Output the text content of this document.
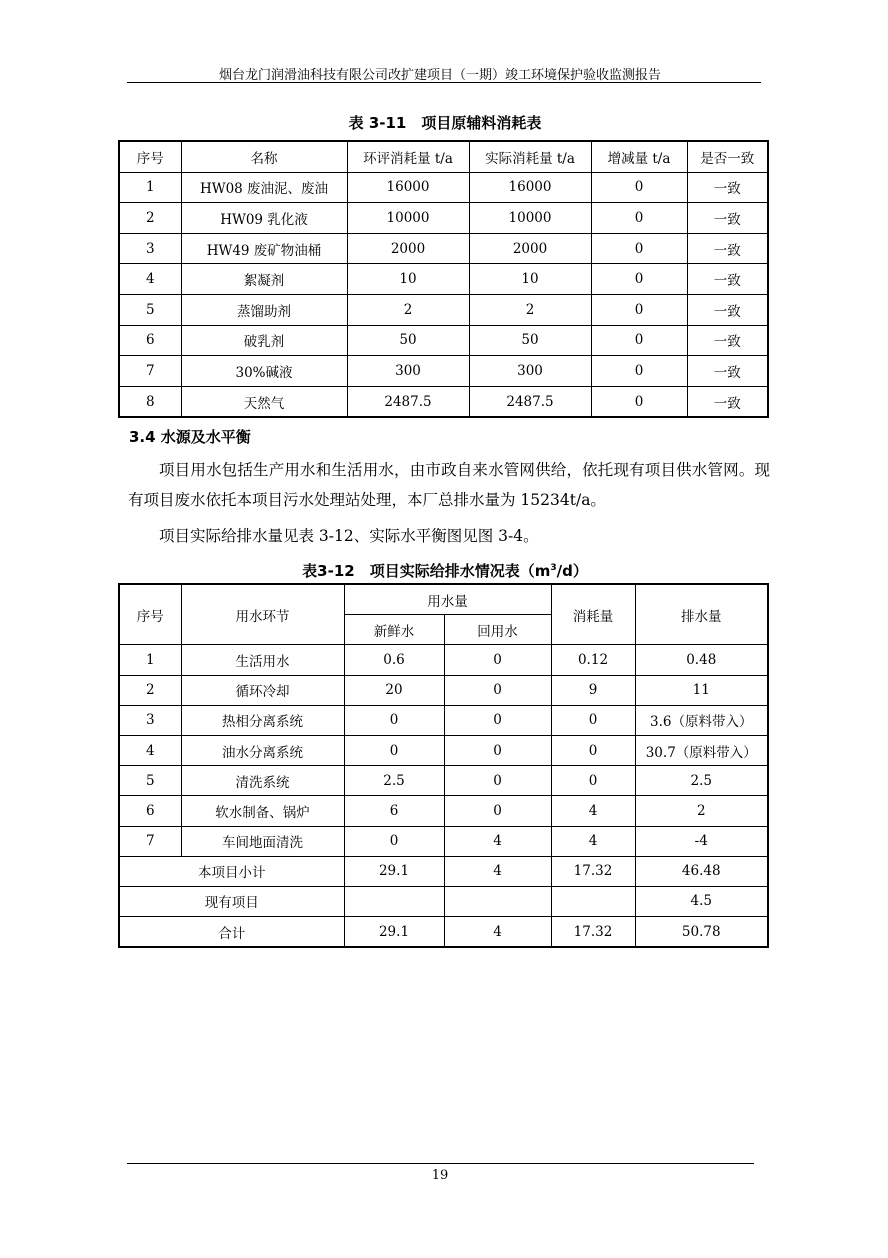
烟台龙门润滑油科技有限公司改扩建项目（一期）竣工环境保护验收监测报告
表 3-11　项目原辅料消耗表
序号	名称	环评消耗量 t/a	实际消耗量 t/a	增减量 t/a	是否一致
1	HW08 废油泥、废油	16000	16000	0	一致
2	HW09 乳化液	10000	10000	0	一致
3	HW49 废矿物油桶	2000	2000	0	一致
4	絮凝剂	10	10	0	一致
5	蒸馏助剂	2	2	0	一致
6	破乳剂	50	50	0	一致
7	30%碱液	300	300	0	一致
8	天然气	2487.5	2487.5	0	一致
3.4 水源及水平衡
项目用水包括生产用水和生活用水，由市政自来水管网供给，依托现有项目供水管网。现有项目废水依托本项目污水处理站处理，本厂总排水量为 15234t/a。
项目实际给排水量见表 3-12、实际水平衡图见图 3-4。
表3-12　项目实际给排水情况表$(m^3/d)$
序号	用水环节	用水量		消耗量	排水量
		新鲜水	回用水		
1	生活用水	0.6	0	0.12	0.48
2	循环冷却	20	0	9	11
3	热相分离系统	0	0	0	3.6（原料带入）
4	油水分离系统	0	0	0	30.7（原料带入）
5	清洗系统	2.5	0	0	2.5
6	软水制备、锅炉	6	0	4	2
7	车间地面清洗	0	4	4	-4
本项目小计		29.1	4	17.32	46.48
现有项目					4.5
合计		29.1	4	17.32	50.78
19
